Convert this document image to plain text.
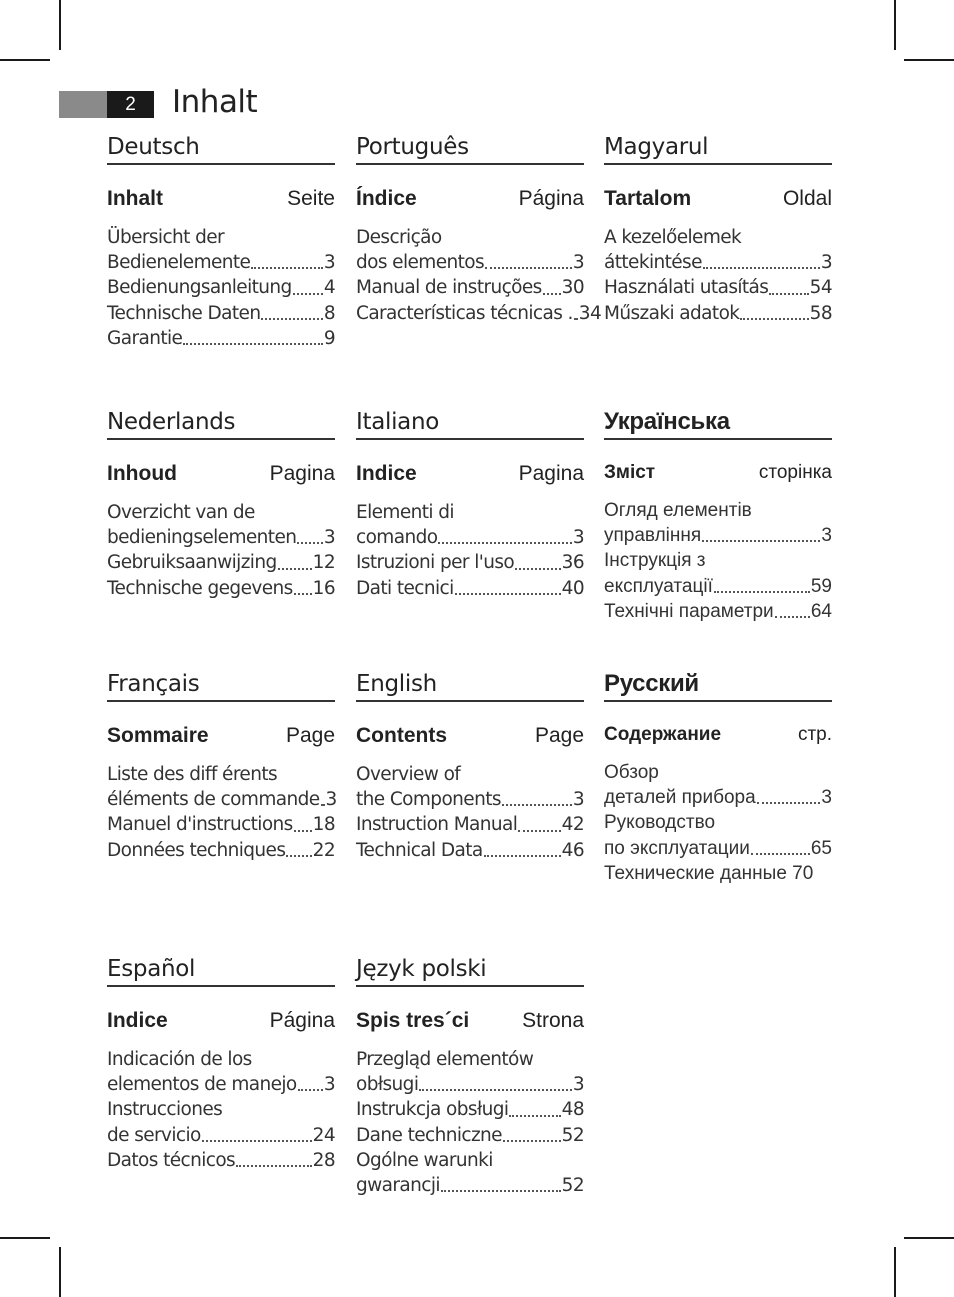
2	Inhalt
Deutsch
Inhalt	Seite
Übersicht der
Bedienelemente	3
Bedienungsanleitung 4
Technische Daten	8
Garantie	9
Português
Índice	Página
Descrição
dos elementos	3
Manual de instruções 30
Características técnicas . 34
Magyarul
Tartalom	Oldal
A kezelőelemek
áttekintése	3
Használati utasítás 54
Műszaki adatok	58
Nederlands
Inhoud	Pagina
Overzicht van de
bedieningselementen 3
Gebruiksaanwijzing 12
Technische gegevens 16
Italiano
Indice	Pagina
Elementi di
comando	3
Istruzioni per l'uso	36
Dati tecnici	40
Українська
Зміст	сторінка
Огляд елементів
управління	3
Інструкція з
експлуатації	59
Технічні параметри 64
Français
Sommaire	Page
Liste des diff érents
éléments de commande 3
Manuel d'instructions 18
Données techniques 22
English
Contents	Page
Overview of
the Components	3
Instruction Manual 42
Technical Data	46
Русский
Содержание	стр.
Обзор
деталей прибора	3
Руководство
по эксплуатации	65
Технические данные 70
Español
Indice	Página
Indicación de los
elementos de manejo 3
Instrucciones
de servicio	24
Datos técnicos	28
Język polski
Spis tres´ci	Strona
Przegląd elementów
obłsugi	3
Instrukcja obsługi	48
Dane techniczne	52
Ogólne warunki
gwarancji	52
